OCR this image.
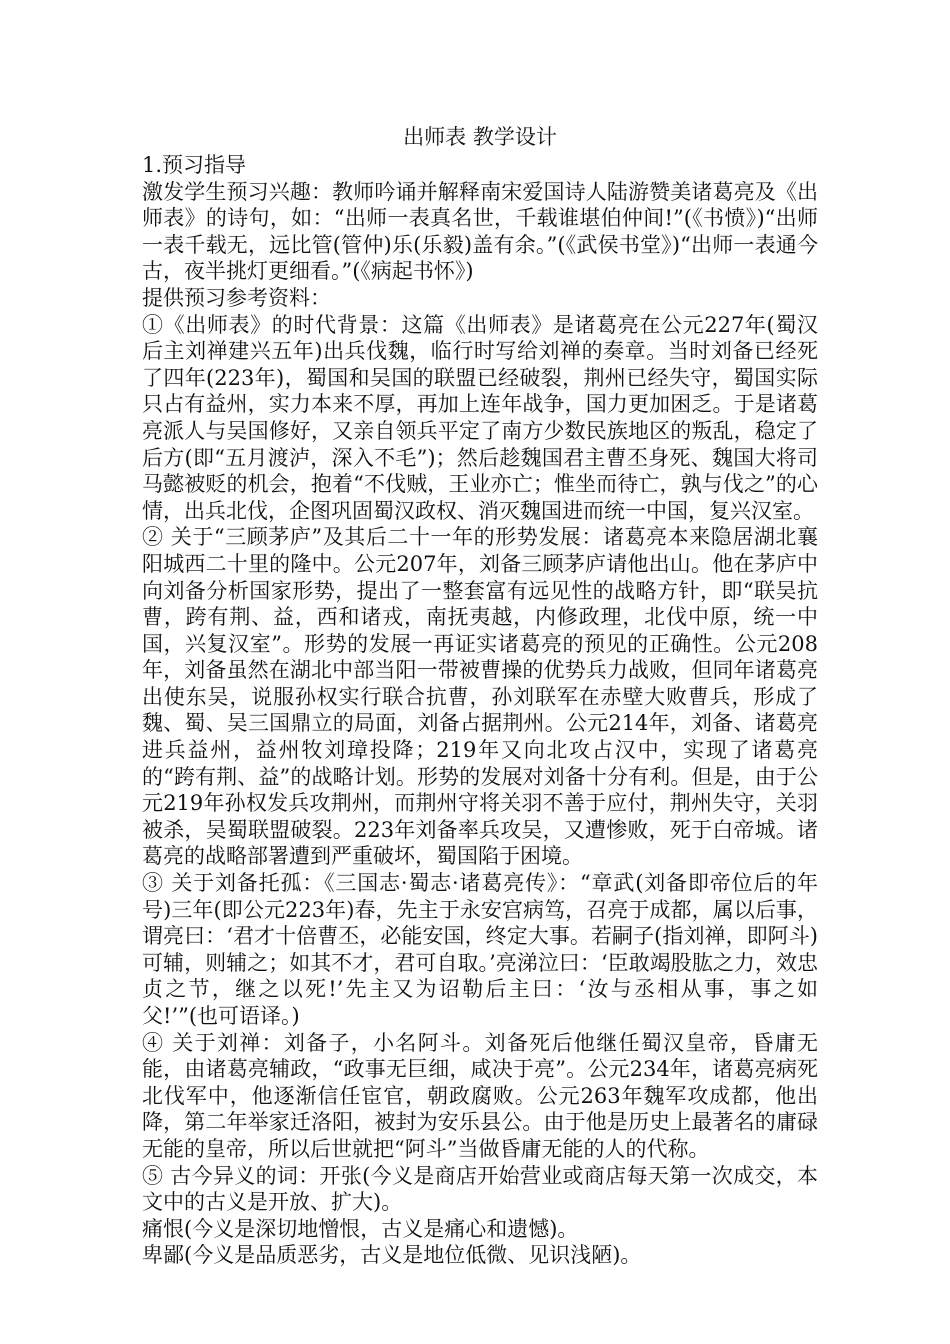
出师表 教学设计

1.预习指导

激发学生预习兴趣：教师吟诵并解释南宋爱国诗人陆游赞美诸葛亮及《出师表》的诗句，如：“出师一表真名世，千载谁堪伯仲间!”(《书愤》)“出师一表千载无，远比管(管仲)乐(乐毅)盖有余。”(《武侯书堂》)“出师一表通今古，夜半挑灯更细看。”(《病起书怀》)

提供预习参考资料：

①《出师表》的时代背景：这篇《出师表》是诸葛亮在公元227年(蜀汉后主刘禅建兴五年)出兵伐魏，临行时写给刘禅的奏章。当时刘备已经死了四年(223年)，蜀国和吴国的联盟已经破裂，荆州已经失守，蜀国实际只占有益州，实力本来不厚，再加上连年战争，国力更加困乏。于是诸葛亮派人与吴国修好，又亲自领兵平定了南方少数民族地区的叛乱，稳定了后方(即“五月渡泸，深入不毛”)；然后趁魏国君主曹丕身死、魏国大将司马懿被贬的机会，抱着“不伐贼，王业亦亡；惟坐而待亡，孰与伐之”的心情，出兵北伐，企图巩固蜀汉政权、消灭魏国进而统一中国，复兴汉室。

② 关于“三顾茅庐”及其后二十一年的形势发展：诸葛亮本来隐居湖北襄阳城西二十里的隆中。公元207年，刘备三顾茅庐请他出山。他在茅庐中向刘备分析国家形势，提出了一整套富有远见性的战略方针，即“联吴抗曹，跨有荆、益，西和诸戎，南抚夷越，内修政理，北伐中原，统一中国，兴复汉室”。形势的发展一再证实诸葛亮的预见的正确性。公元208年，刘备虽然在湖北中部当阳一带被曹操的优势兵力战败，但同年诸葛亮出使东吴，说服孙权实行联合抗曹，孙刘联军在赤壁大败曹兵，形成了魏、蜀、吴三国鼎立的局面，刘备占据荆州。公元214年，刘备、诸葛亮进兵益州，益州牧刘璋投降；219年又向北攻占汉中，实现了诸葛亮的“跨有荆、益”的战略计划。形势的发展对刘备十分有利。但是，由于公元219年孙权发兵攻荆州，而荆州守将关羽不善于应付，荆州失守，关羽被杀，吴蜀联盟破裂。223年刘备率兵攻吴，又遭惨败，死于白帝城。诸葛亮的战略部署遭到严重破坏，蜀国陷于困境。

③ 关于刘备托孤：《三国志·蜀志·诸葛亮传》：“章武(刘备即帝位后的年号)三年(即公元223年)春，先主于永安宫病笃，召亮于成都，属以后事，谓亮曰：‘君才十倍曹丕，必能安国，终定大事。若嗣子(指刘禅，即阿斗)可辅，则辅之；如其不才，君可自取。’亮涕泣曰：‘臣敢竭股肱之力，效忠贞之节，继之以死!’先主又为诏勒后主曰：‘汝与丞相从事，事之如父!’”(也可语译。)

④ 关于刘禅：刘备子，小名阿斗。刘备死后他继任蜀汉皇帝，昏庸无能，由诸葛亮辅政，“政事无巨细，咸决于亮”。公元234年，诸葛亮病死北伐军中，他逐渐信任宦官，朝政腐败。公元263年魏军攻成都，他出降，第二年举家迁洛阳，被封为安乐县公。由于他是历史上最著名的庸碌无能的皇帝，所以后世就把“阿斗”当做昏庸无能的人的代称。

⑤ 古今异义的词：开张(今义是商店开始营业或商店每天第一次成交，本文中的古义是开放、扩大)。

痛恨(今义是深切地憎恨，古义是痛心和遗憾)。

卑鄙(今义是品质恶劣，古义是地位低微、见识浅陋)。
